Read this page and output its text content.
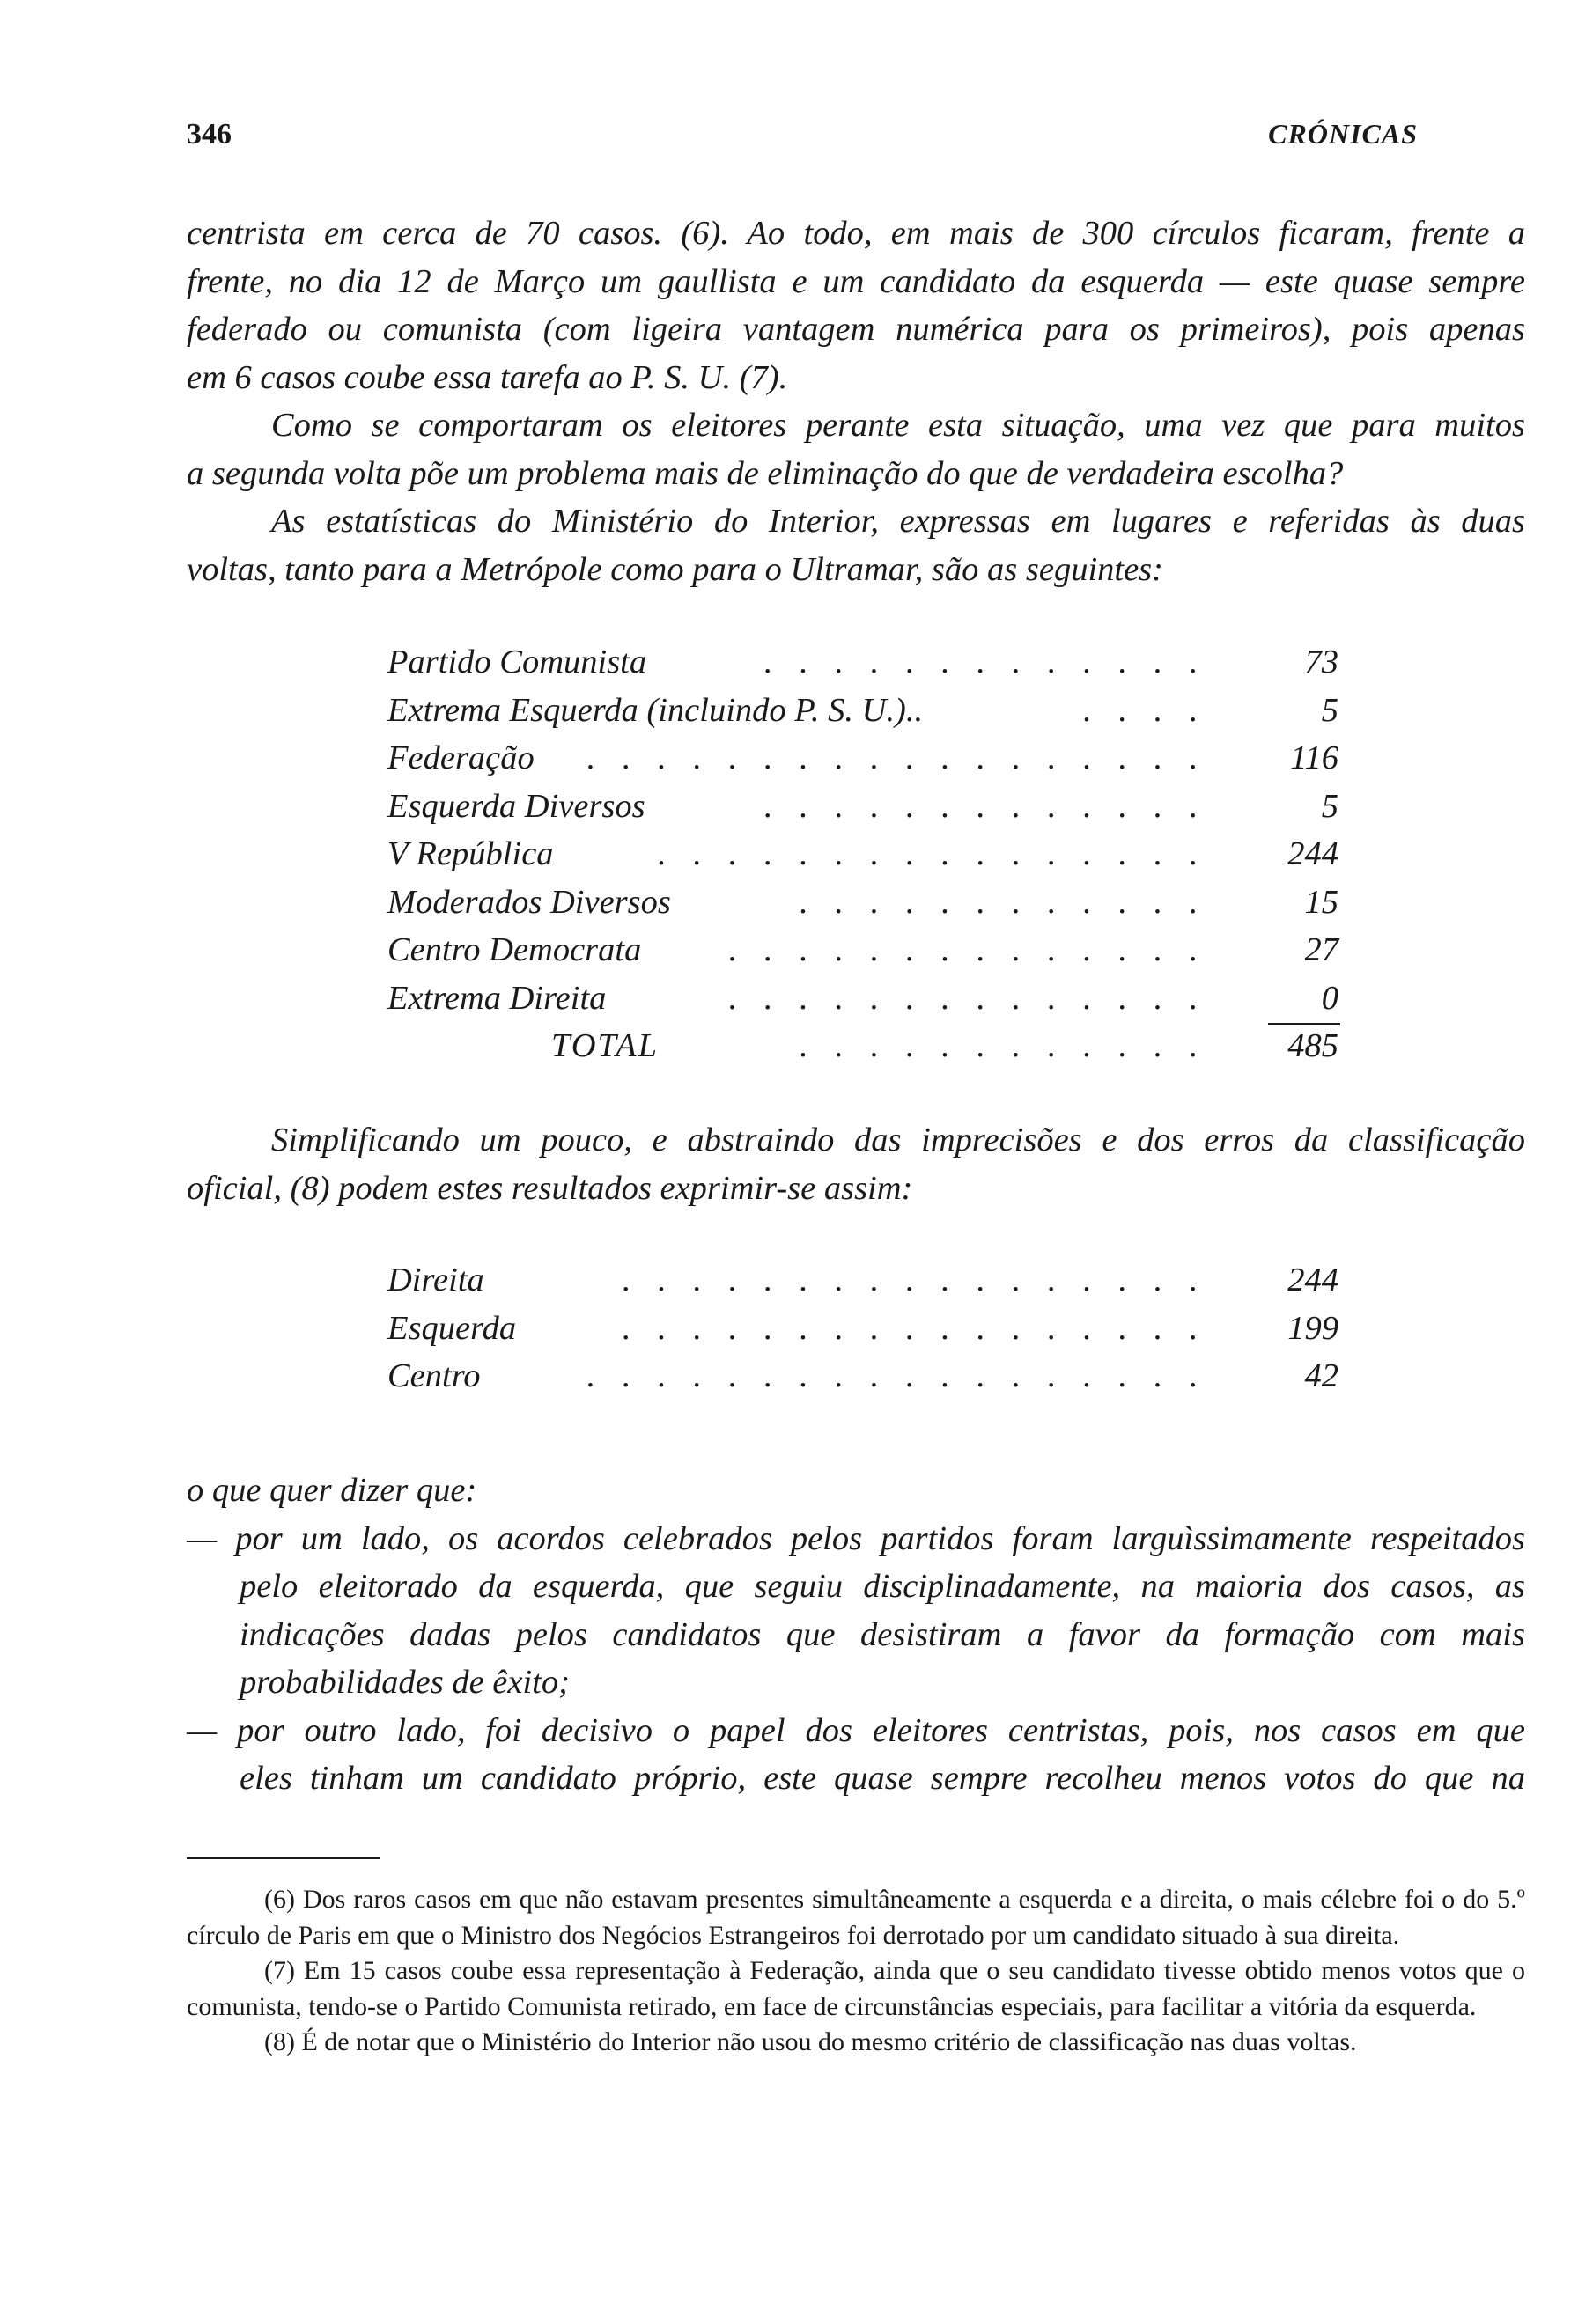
346	CRÓNICAS

centrista em cerca de 70 casos. (6). Ao todo, em mais de 300 círculos ficaram, frente a

frente, no dia 12 de Março um gaullista e um candidato da esquerda — este quase sempre

federado ou comunista (com ligeira vantagem numérica para os primeiros), pois apenas

em 6 casos coube essa tarefa ao P. S. U. (7).

Como se comportaram os eleitores perante esta situação, uma vez que para muitos

a segunda volta põe um problema mais de eliminação do que de verdadeira escolha?

As estatísticas do Ministério do Interior, expressas em lugares e referidas às duas

voltas, tanto para a Metrópole como para o Ultramar, são as seguintes:

Partido Comunista	. . . . . . . . . . . . .	73
Extrema Esquerda (incluindo P. S. U.)..	. . . .	5
Federação . . . . . . . . . . . . . . . . . . 116
Esquerda Diversos	. . . . . . . . . . . . .	5
V República	. . . . . . . . . . . . . . . . 244
Moderados Diversos	. . . . . . . . . . . .	15
Centro Democrata	. . . . . . . . . . . . . .	27
Extrema Direita	. . . . . . . . . . . . . .	0
TOTAL	. . . . . . . . . . . . 485

Simplificando um pouco, e abstraindo das imprecisões e dos erros da classificação

oficial, (8) podem estes resultados exprimir-se assim:

Direita	. . . . . . . . . . . . . . . . . 244
Esquerda	. . . . . . . . . . . . . . . . . 199
Centro	. . . . . . . . . . . . . . . . . .	42

o que quer dizer que:

— por um lado, os acordos celebrados pelos partidos foram larguìssimamente respeitados

pelo eleitorado da esquerda, que seguiu disciplinadamente, na maioria dos casos, as

indicações dadas pelos candidatos que desistiram a favor da formação com mais

probabilidades de êxito;

— por outro lado, foi decisivo o papel dos eleitores centristas, pois, nos casos em que

eles tinham um candidato próprio, este quase sempre recolheu menos votos do que na

(6) Dos raros casos em que não estavam presentes simultâneamente a esquerda e a direita, o mais célebre foi o do 5.º círculo de Paris em que o Ministro dos Negócios Estrangeiros foi derrotado por um candidato situado à sua direita.

(7) Em 15 casos coube essa representação à Federação, ainda que o seu candidato tivesse obtido menos votos que o comunista, tendo-se o Partido Comunista retirado, em face de circunstâncias especiais, para facilitar a vitória da esquerda.

(8) É de notar que o Ministério do Interior não usou do mesmo critério de classificação nas duas voltas.
